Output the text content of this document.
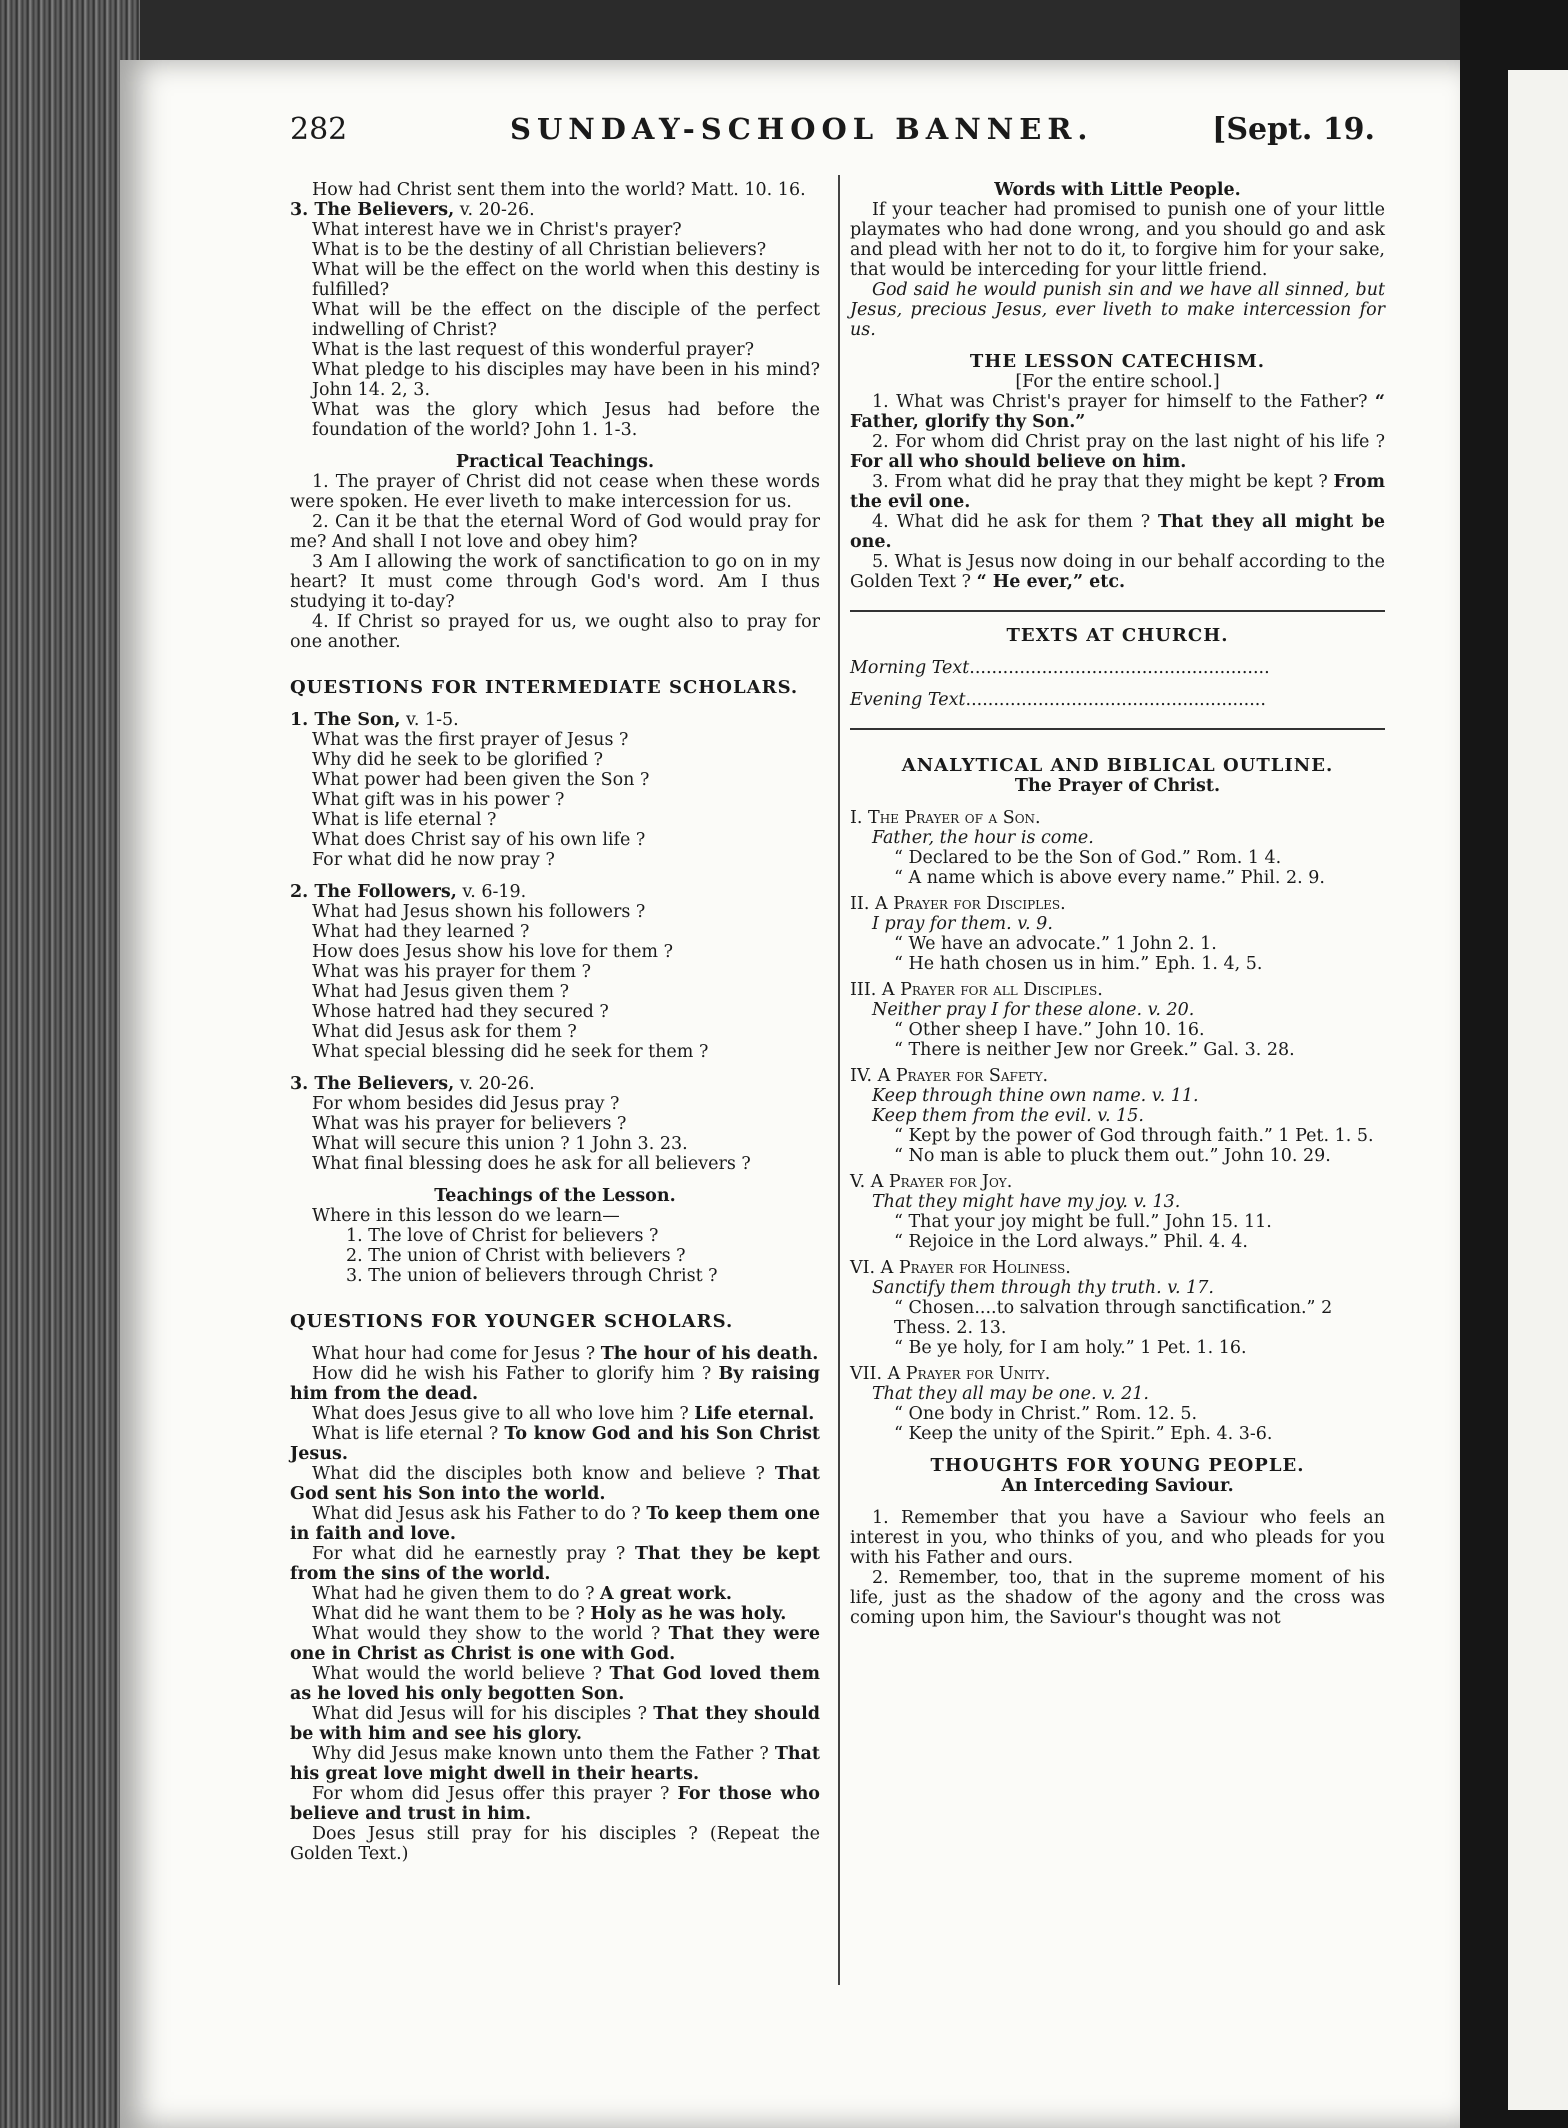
282	SUNDAY-SCHOOL BANNER.	[Sept. 19.

How had Christ sent them into the world? Matt. 10. 16.

3. The Believers, v. 20-26.

What interest have we in Christ's prayer?

What is to be the destiny of all Christian believers?

What will be the effect on the world when this destiny is fulfilled?

What will be the effect on the disciple of the perfect indwelling of Christ?

What is the last request of this wonderful prayer?

What pledge to his disciples may have been in his mind? John 14. 2, 3.

What was the glory which Jesus had before the foundation of the world? John 1. 1-3.

Practical Teachings.

1. The prayer of Christ did not cease when these words were spoken. He ever liveth to make intercession for us.

2. Can it be that the eternal Word of God would pray for me? And shall I not love and obey him?

3 Am I allowing the work of sanctification to go on in my heart? It must come through God's word. Am I thus studying it to-day?

4. If Christ so prayed for us, we ought also to pray for one another.

QUESTIONS FOR INTERMEDIATE SCHOLARS.

1. The Son, v. 1-5.

What was the first prayer of Jesus ?

Why did he seek to be glorified ?

What power had been given the Son ?

What gift was in his power ?

What is life eternal ?

What does Christ say of his own life ?

For what did he now pray ?

2. The Followers, v. 6-19.

What had Jesus shown his followers ?

What had they learned ?

How does Jesus show his love for them ?

What was his prayer for them ?

What had Jesus given them ?

Whose hatred had they secured ?

What did Jesus ask for them ?

What special blessing did he seek for them ?

3. The Believers, v. 20-26.

For whom besides did Jesus pray ?

What was his prayer for believers ?

What will secure this union ? 1 John 3. 23.

What final blessing does he ask for all believers ?

Teachings of the Lesson.

Where in this lesson do we learn—

1. The love of Christ for believers ?

2. The union of Christ with believers ?

3. The union of believers through Christ ?

QUESTIONS FOR YOUNGER SCHOLARS.

What hour had come for Jesus ? The hour of his death.

How did he wish his Father to glorify him ? By raising him from the dead.

What does Jesus give to all who love him ? Life eternal.

What is life eternal ? To know God and his Son Christ Jesus.

What did the disciples both know and believe ? That God sent his Son into the world.

What did Jesus ask his Father to do ? To keep them one in faith and love.

For what did he earnestly pray ? That they be kept from the sins of the world.

What had he given them to do ? A great work.

What did he want them to be ? Holy as he was holy.

What would they show to the world ? That they were one in Christ as Christ is one with God.

What would the world believe ? That God loved them as he loved his only begotten Son.

What did Jesus will for his disciples ? That they should be with him and see his glory.

Why did Jesus make known unto them the Father ? That his great love might dwell in their hearts.

For whom did Jesus offer this prayer ? For those who believe and trust in him.

Does Jesus still pray for his disciples ? (Repeat the Golden Text.)

Words with Little People.

If your teacher had promised to punish one of your little playmates who had done wrong, and you should go and ask and plead with her not to do it, to forgive him for your sake, that would be interceding for your little friend.

God said he would punish sin and we have all sinned, but Jesus, precious Jesus, ever liveth to make intercession for us.

THE LESSON CATECHISM.

[For the entire school.]

1. What was Christ's prayer for himself to the Father? “ Father, glorify thy Son.”

2. For whom did Christ pray on the last night of his life ? For all who should believe on him.

3. From what did he pray that they might be kept ? From the evil one.

4. What did he ask for them ? That they all might be one.

5. What is Jesus now doing in our behalf according to the Golden Text ? “ He ever,” etc.

TEXTS AT CHURCH.

Morning Text......................................................

Evening Text......................................................

ANALYTICAL AND BIBLICAL OUTLINE.

The Prayer of Christ.

I. The Prayer of a Son.

Father, the hour is come.

“ Declared to be the Son of God.” Rom. 1 4.

“ A name which is above every name.” Phil. 2. 9.

II. A Prayer for Disciples.

I pray for them. v. 9.

“ We have an advocate.” 1 John 2. 1.

“ He hath chosen us in him.” Eph. 1. 4, 5.

III. A Prayer for all Disciples.

Neither pray I for these alone. v. 20.

“ Other sheep I have.” John 10. 16.

“ There is neither Jew nor Greek.” Gal. 3. 28.

IV. A Prayer for Safety.

Keep through thine own name. v. 11.

Keep them from the evil. v. 15.

“ Kept by the power of God through faith.” 1 Pet. 1. 5.

“ No man is able to pluck them out.” John 10. 29.

V. A Prayer for Joy.

That they might have my joy. v. 13.

“ That your joy might be full.” John 15. 11.

“ Rejoice in the Lord always.” Phil. 4. 4.

VI. A Prayer for Holiness.

Sanctify them through thy truth. v. 17.

“ Chosen....to salvation through sanctification.” 2 Thess. 2. 13.

“ Be ye holy, for I am holy.” 1 Pet. 1. 16.

VII. A Prayer for Unity.

That they all may be one. v. 21.

“ One body in Christ.” Rom. 12. 5.

“ Keep the unity of the Spirit.” Eph. 4. 3-6.

THOUGHTS FOR YOUNG PEOPLE.

An Interceding Saviour.

1. Remember that you have a Saviour who feels an interest in you, who thinks of you, and who pleads for you with his Father and ours.

2. Remember, too, that in the supreme moment of his life, just as the shadow of the agony and the cross was coming upon him, the Saviour's thought was not
